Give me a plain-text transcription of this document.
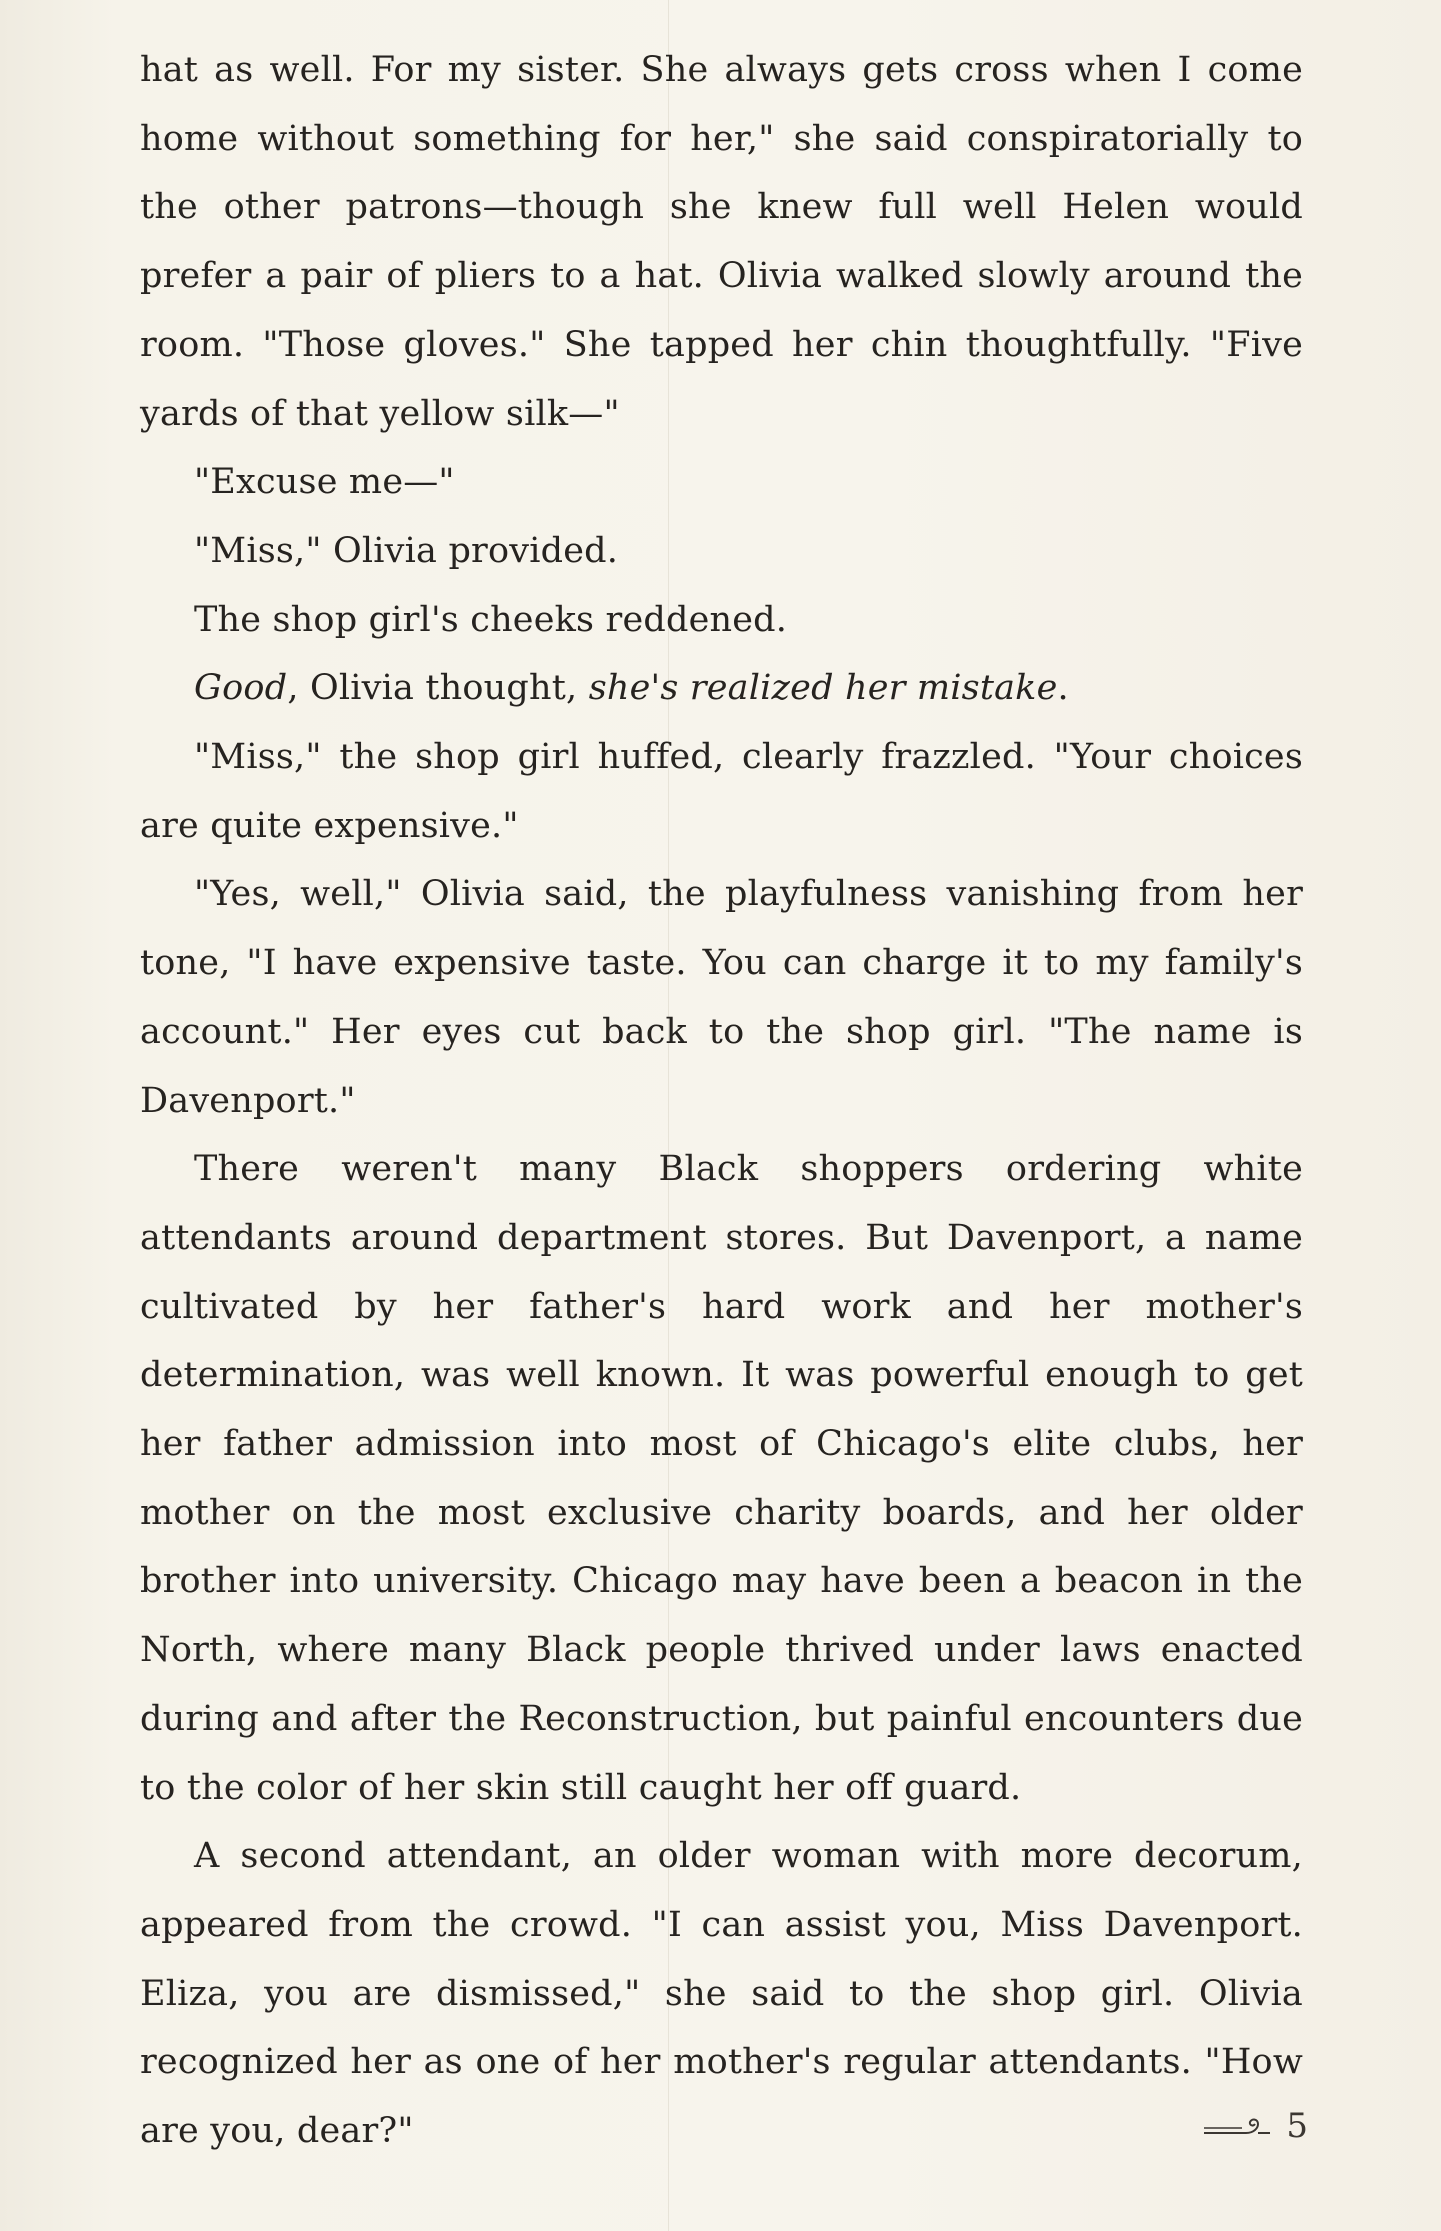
hat as well. For my sister. She always gets cross when I come home without something for her," she said conspiratorially to the other patrons—though she knew full well Helen would prefer a pair of pliers to a hat. Olivia walked slowly around the room. "Those gloves." She tapped her chin thoughtfully. "Five yards of that yellow silk—"

"Excuse me—"

"Miss," Olivia provided.

The shop girl's cheeks reddened.

Good, Olivia thought, she's realized her mistake.

"Miss," the shop girl huffed, clearly frazzled. "Your choices are quite expensive."

"Yes, well," Olivia said, the playfulness vanishing from her tone, "I have expensive taste. You can charge it to my family's account." Her eyes cut back to the shop girl. "The name is Davenport."

There weren't many Black shoppers ordering white attendants around department stores. But Davenport, a name cultivated by her father's hard work and her mother's determination, was well known. It was powerful enough to get her father admission into most of Chicago's elite clubs, her mother on the most exclusive charity boards, and her older brother into university. Chicago may have been a beacon in the North, where many Black people thrived under laws enacted during and after the Reconstruction, but painful encounters due to the color of her skin still caught her off guard.

A second attendant, an older woman with more decorum, appeared from the crowd. "I can assist you, Miss Davenport. Eliza, you are dismissed," she said to the shop girl. Olivia recognized her as one of her mother's regular attendants. "How are you, dear?"	5
